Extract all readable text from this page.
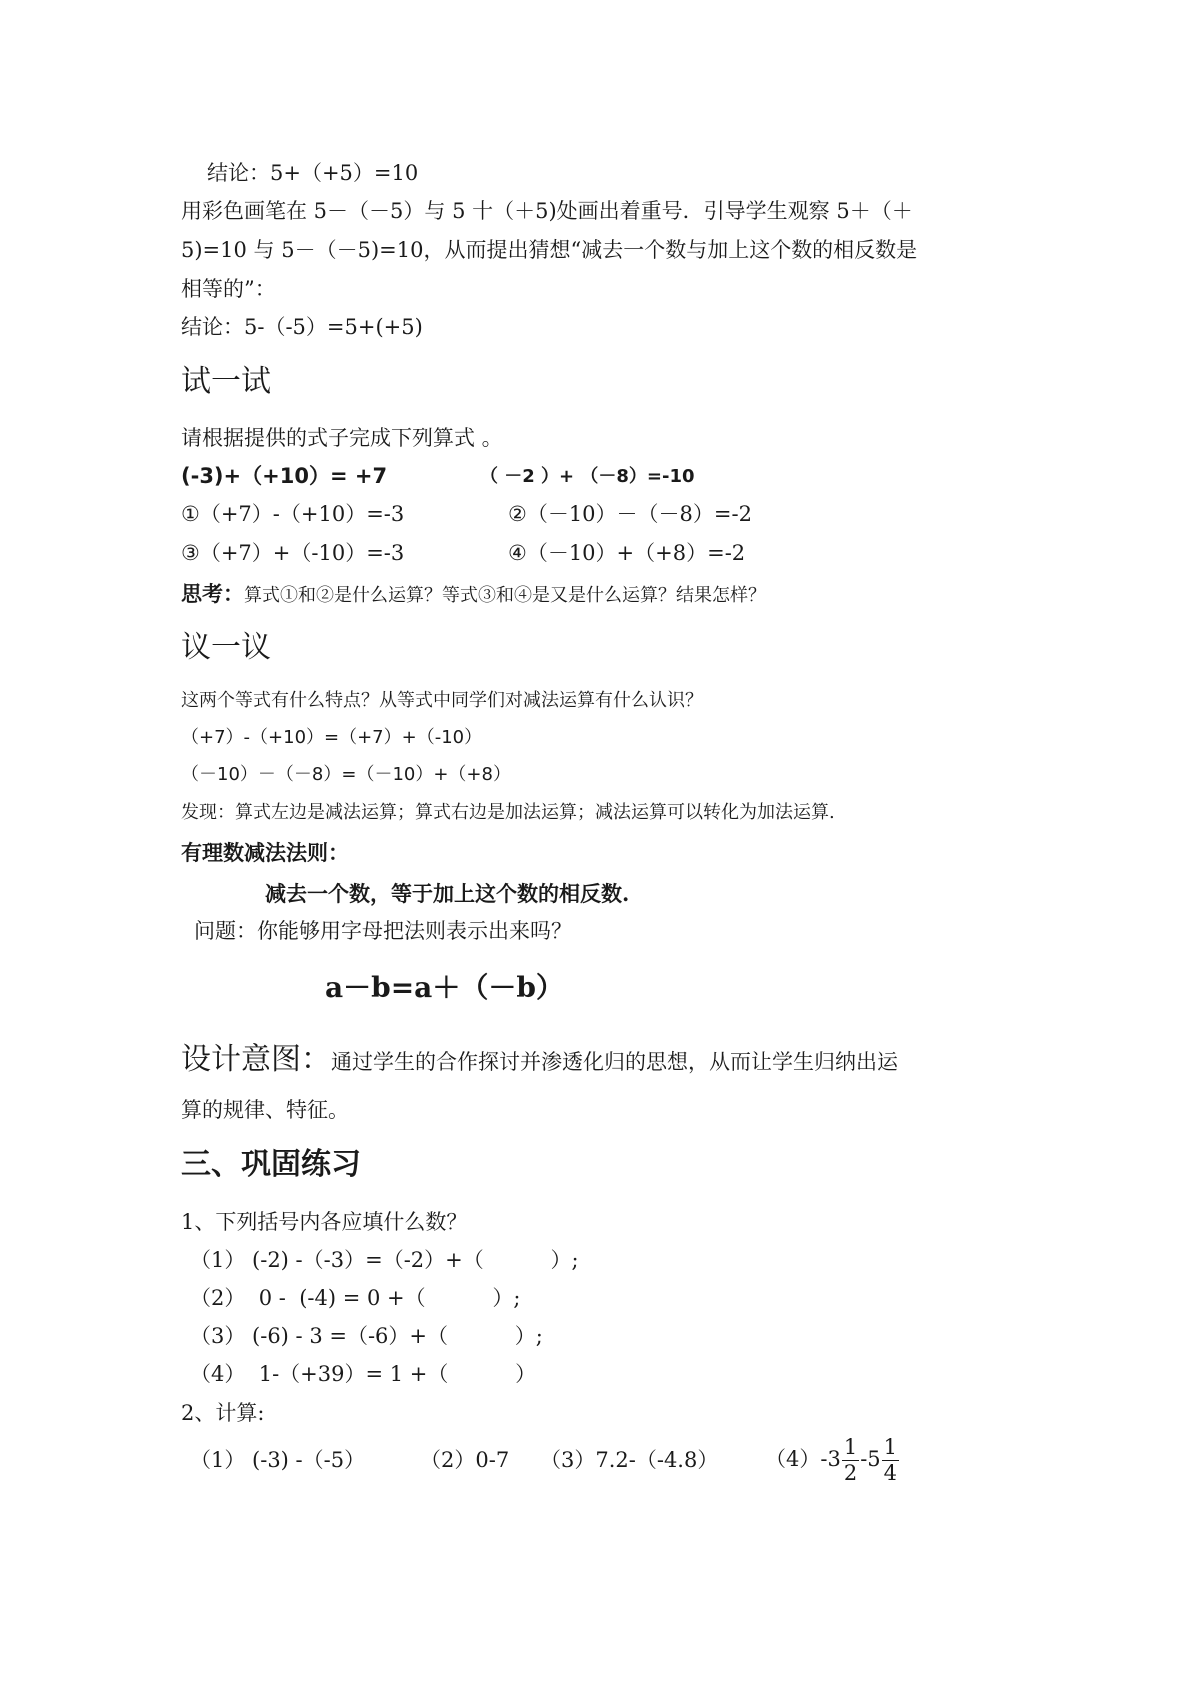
结论：5+（+5）=10
用彩色画笔在 5－（－5）与 5 十（＋5)处画出着重号．引导学生观察 5＋（＋
5)=10 与 5－（－5)=10，从而提出猜想“减去一个数与加上这个数的相反数是
相等的”：
结论：5-（-5）=5+(+5)
试一试
请根据提供的式子完成下列算式 。
(-3)+（+10）= +7	（ －2 ）+ （－8）=-10
①（+7）-（+10）=-3	②（－10）－（－8）=-2
③（+7）+（-10）=-3	④（－10）+（+8）=-2
思考：算式①和②是什么运算？等式③和④是又是什么运算？结果怎样？
议一议
这两个等式有什么特点？从等式中同学们对减法运算有什么认识？
（+7）-（+10）=（+7）+（-10）
（－10）－（－8）=（－10）+（+8）
发现：算式左边是减法运算；算式右边是加法运算；减法运算可以转化为加法运算.
有理数减法法则：
减去一个数，等于加上这个数的相反数.
问题：你能够用字母把法则表示出来吗？
a－b=a＋（－b）
设计意图：通过学生的合作探讨并渗透化归的思想，从而让学生归纳出运
算的规律、特征。
三、巩固练习
1、下列括号内各应填什么数？
（1） (-2) -（-3）=（-2）+（          ）;
（2）  0 -  (-4) = 0 +（          ）;
（3） (-6) - 3 =（-6）+（          ）;
（4）  1-（+39）= 1 +（          ）
2、计算:
（1） (-3) -（-5）	（2）0-7 （3）7.2-（-4.8） $(4)-3 \frac{1}{2} -5 \frac{1}{4}$
